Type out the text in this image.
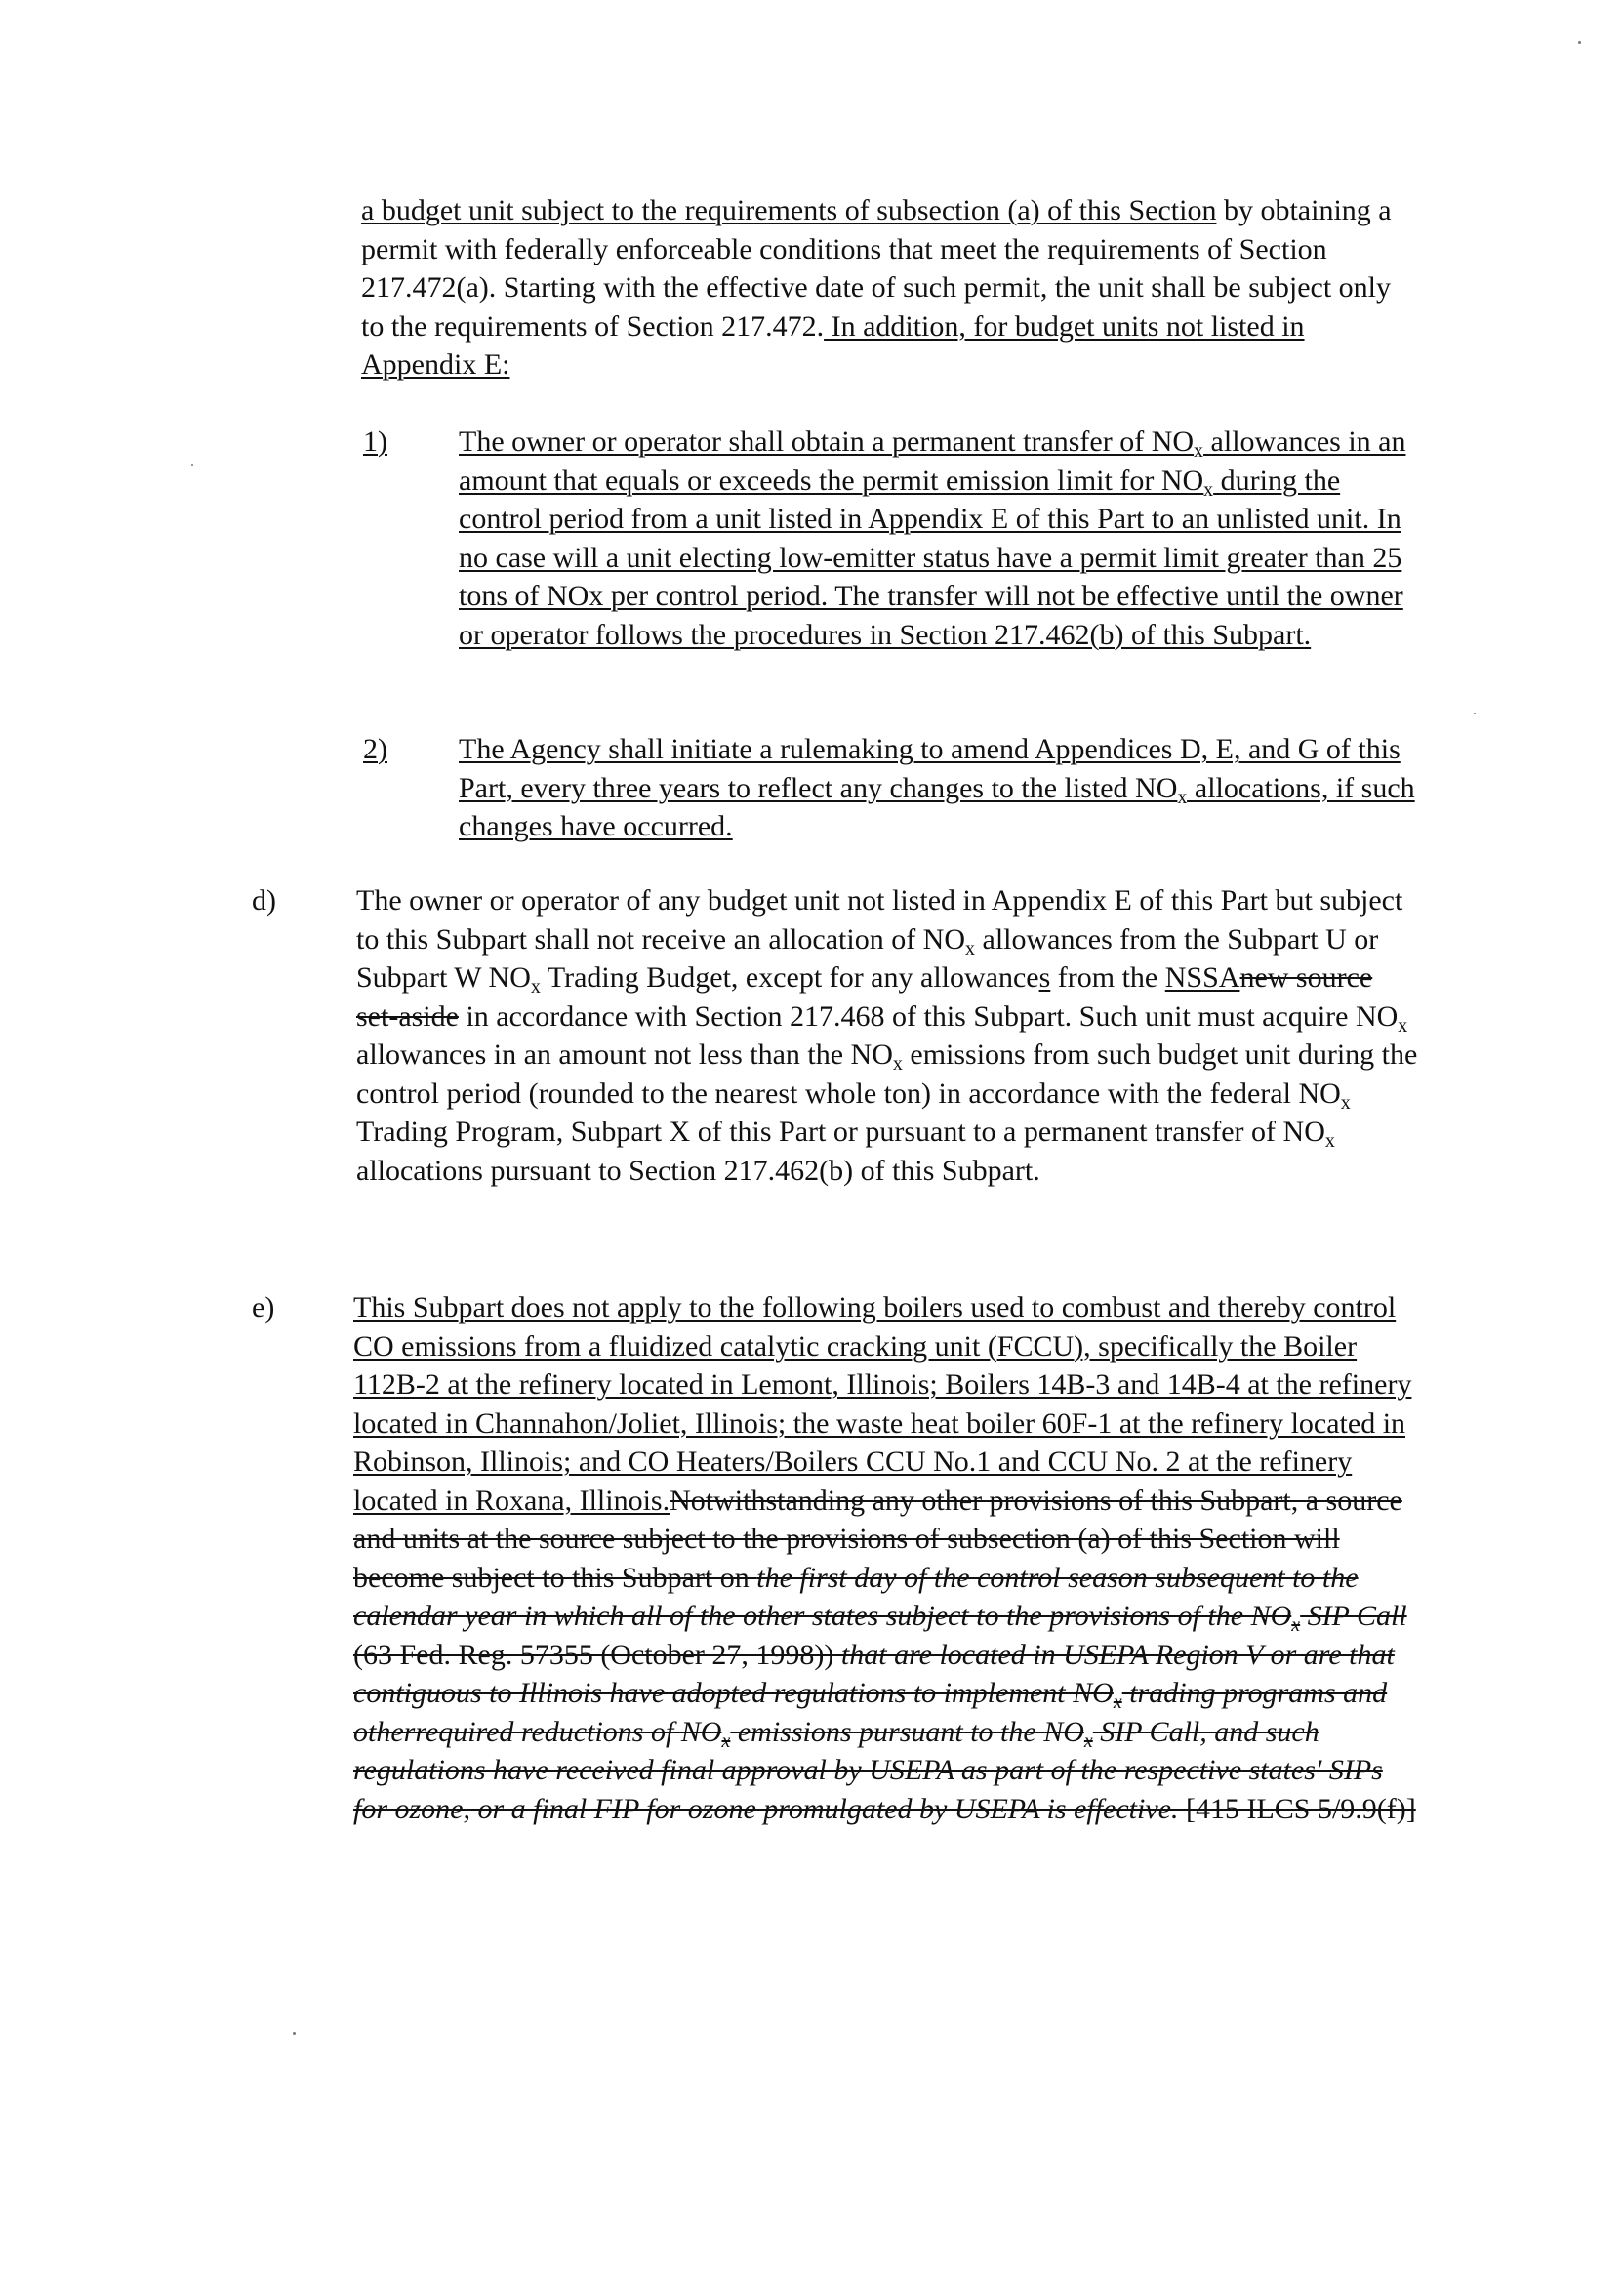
a budget unit subject to the requirements of subsection (a) of this Section by obtaining a permit with federally enforceable conditions that meet the requirements of Section 217.472(a). Starting with the effective date of such permit, the unit shall be subject only to the requirements of Section 217.472. In addition, for budget units not listed in Appendix E:
1) The owner or operator shall obtain a permanent transfer of $NO_x$ allowances in an amount that equals or exceeds the permit emission limit for $NO_x$ during the control period from a unit listed in Appendix E of this Part to an unlisted unit. In no case will a unit electing low-emitter status have a permit limit greater than 25 tons of NOx per control period. The transfer will not be effective until the owner or operator follows the procedures in Section 217.462(b) of this Subpart.
2) The Agency shall initiate a rulemaking to amend Appendices D, E, and G of this Part, every three years to reflect any changes to the listed $NO_x$ allocations, if such changes have occurred.
d)	The owner or operator of any budget unit not listed in Appendix E of this Part but subject to this Subpart shall not receive an allocation of $NO_x$ allowances from the Subpart U or Subpart W $NO_x$ Trading Budget, except for any allowances from the NSSAnew source set-aside in accordance with Section 217.468 of this Subpart. Such unit must acquire $NO_x$ allowances in an amount not less than the $NO_x$ emissions from such budget unit during the control period (rounded to the nearest whole ton) in accordance with the federal $NO_x$ Trading Program, Subpart X of this Part or pursuant to a permanent transfer of $NO_x$ allocations pursuant to Section 217.462(b) of this Subpart.
e)	This Subpart does not apply to the following boilers used to combust and thereby control CO emissions from a fluidized catalytic cracking unit (FCCU), specifically the Boiler 112B-2 at the refinery located in Lemont, Illinois; Boilers 14B-3 and 14B-4 at the refinery located in Channahon/Joliet, Illinois; the waste heat boiler 60F-1 at the refinery located in Robinson, Illinois; and CO Heaters/Boilers CCU No.1 and CCU No. 2 at the refinery located in Roxana, Illinois.Notwithstanding any other provisions of this Subpart, a source and units at the source subject to the provisions of subsection (a) of this Section will become subject to this Subpart on the first day of the control season subsequent to the calendar year in which all of the other states subject to the provisions of the $NO_x$ SIP Call (63 Fed. Reg. 57355 (October 27, 1998)) that are located in USEPA Region V or are that contiguous to Illinois have adopted regulations to implement $NO_x$ trading programs and otherrequired reductions of $NO_x$ emissions pursuant to the $NO_x$ SIP Call, and such regulations have received final approval by USEPA as part of the respective states' SIPs for ozone, or a final FIP for ozone promulgated by USEPA is effective. [415 ILCS 5/9.9(f)]
